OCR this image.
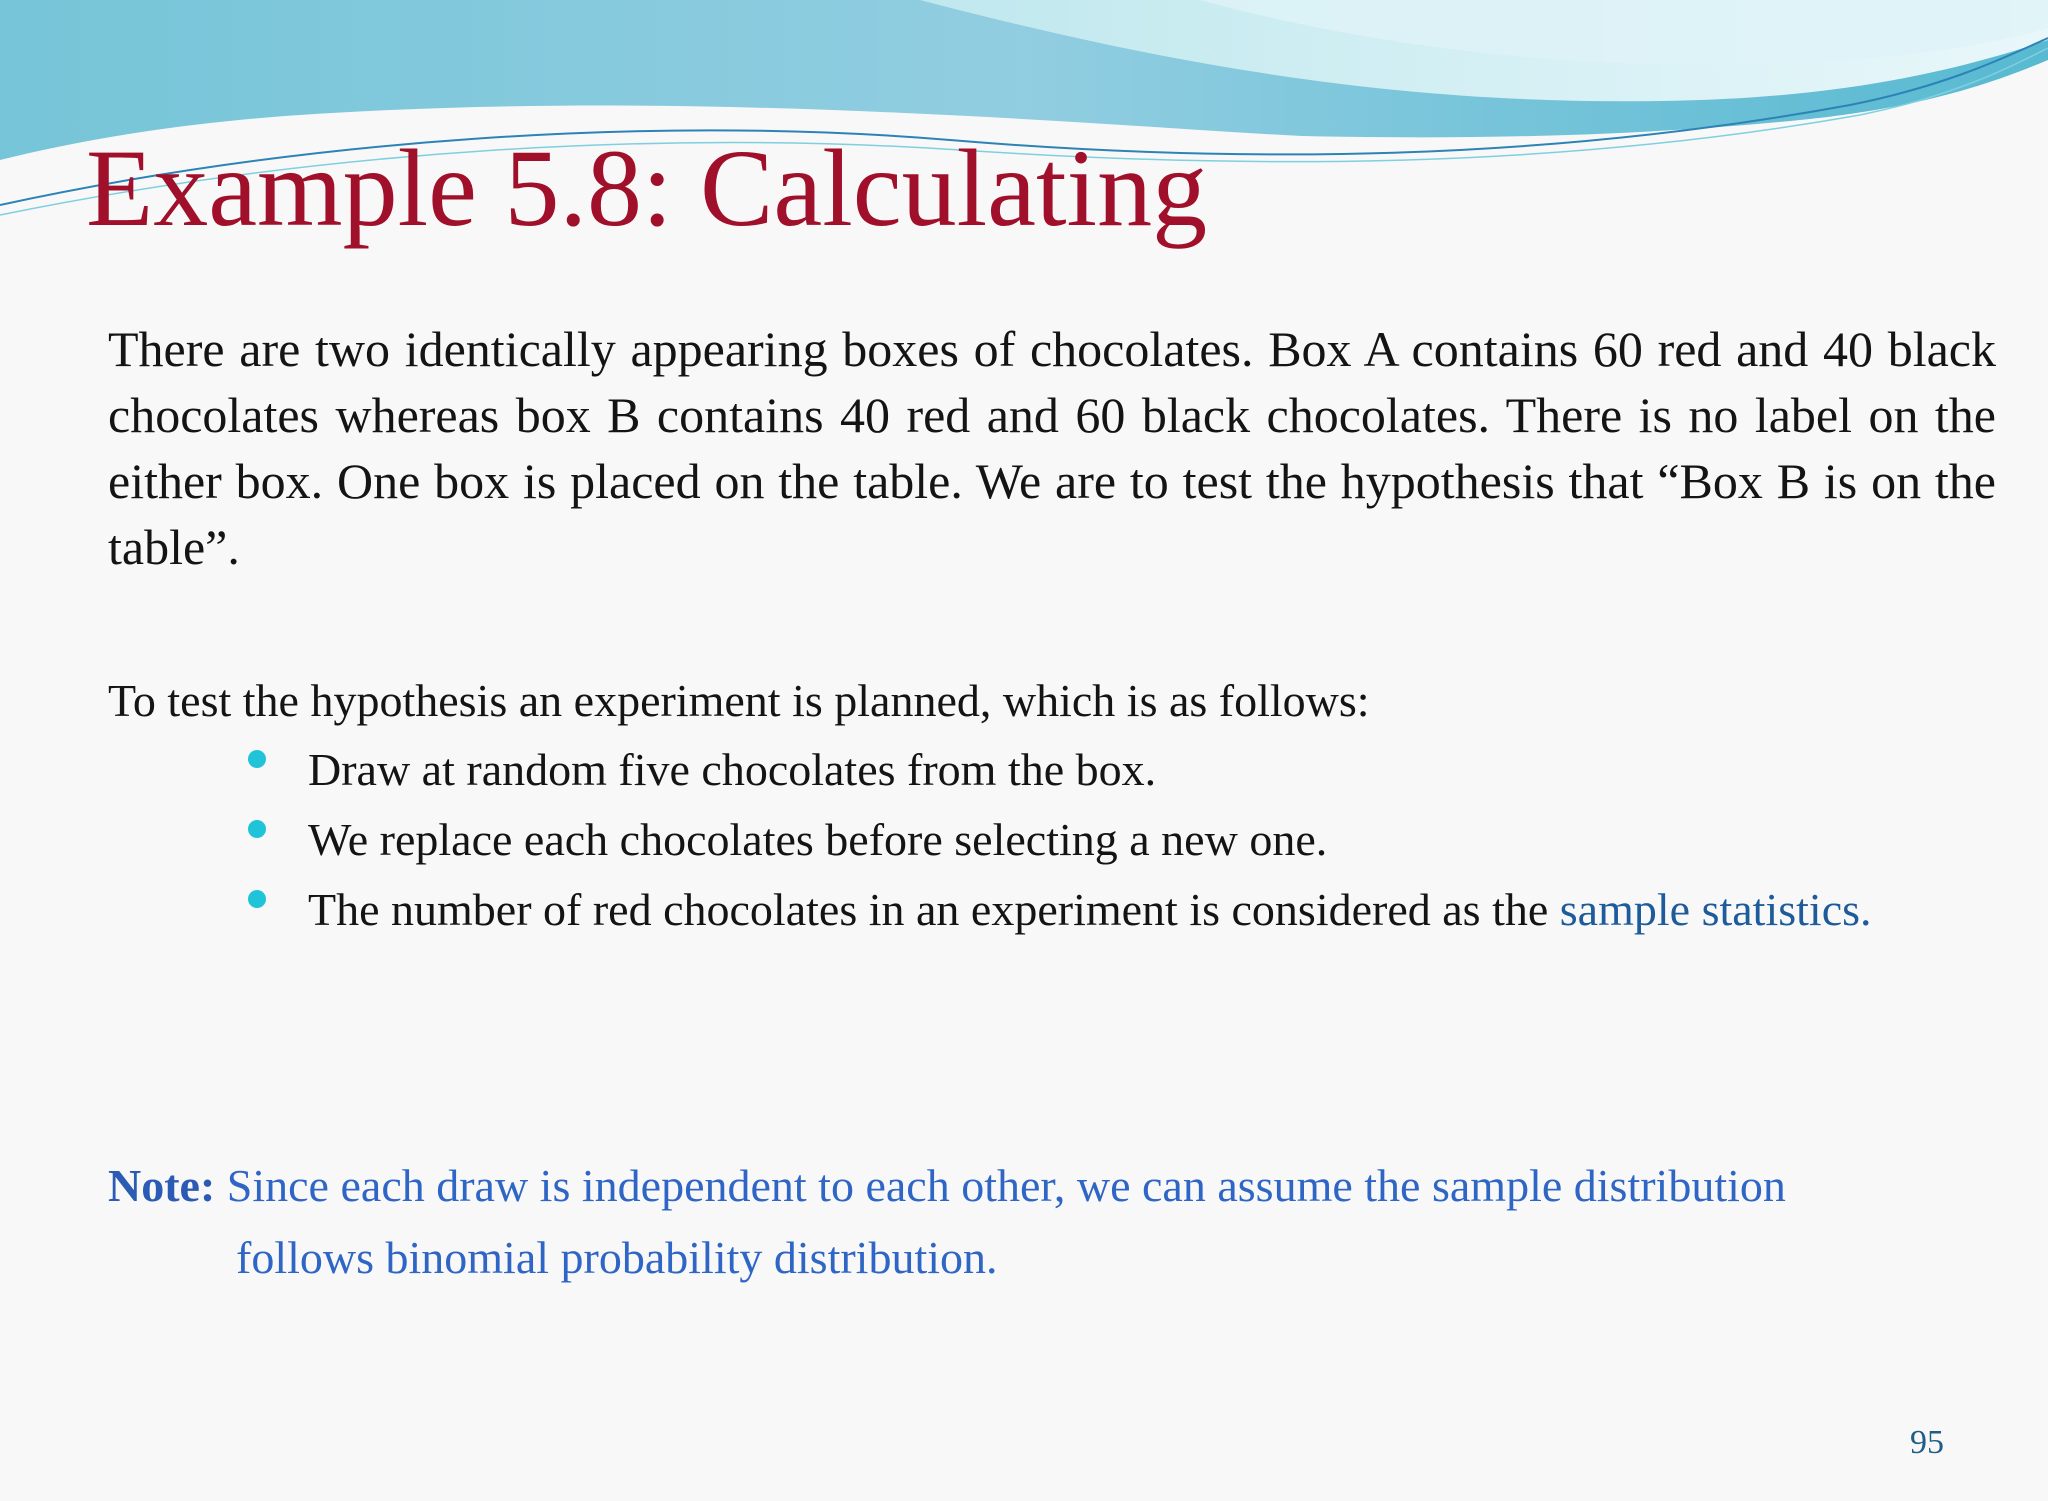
Example 5.8: Calculating

There are two identically appearing boxes of chocolates. Box A contains 60 red and 40 black chocolates whereas box B contains 40 red and 60 black chocolates. There is no label on the either box. One box is placed on the table. We are to test the hypothesis that “Box B is on the table”.

To test the hypothesis an experiment is planned, which is as follows:

Draw at random five chocolates from the box.
We replace each chocolates before selecting a new one.
The number of red chocolates in an experiment is considered as the sample statistics.
Note: Since each draw is independent to each other, we can assume the sample distribution
follows binomial probability distribution.
95
